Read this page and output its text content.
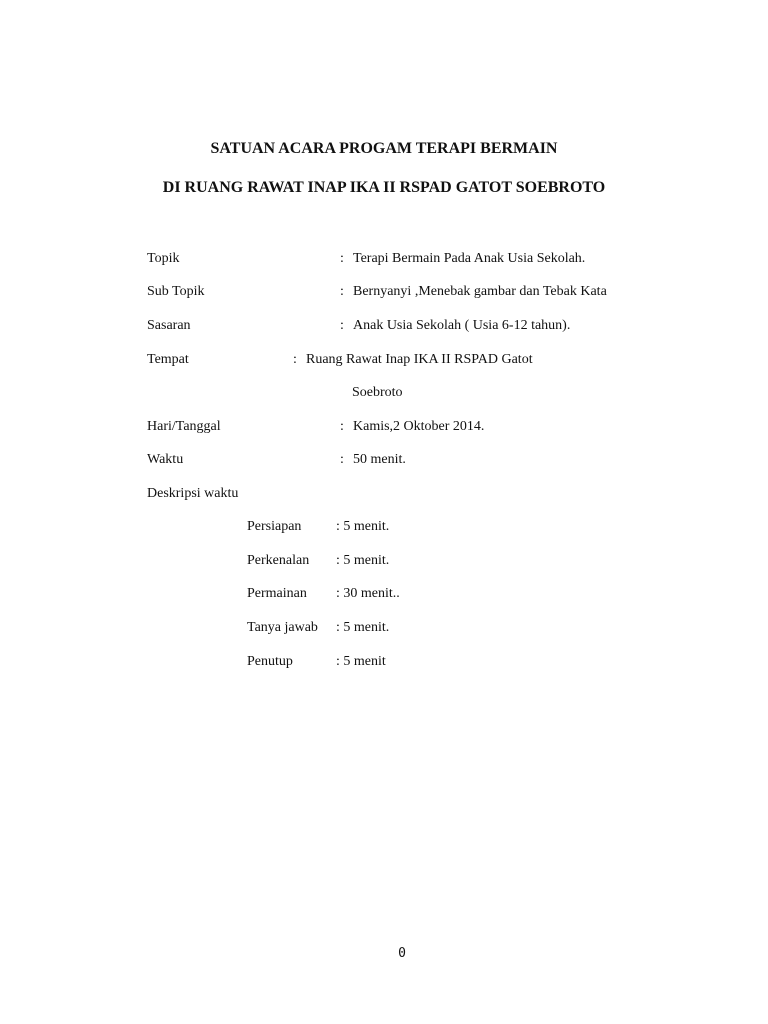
SATUAN ACARA PROGAM TERAPI BERMAIN
DI RUANG RAWAT INAP IKA II RSPAD GATOT SOEBROTO
Topik	: Terapi Bermain Pada Anak Usia Sekolah.
Sub Topik	: Bernyanyi ,Menebak gambar dan Tebak Kata
Sasaran	: Anak Usia Sekolah ( Usia 6-12 tahun).
Tempat	: Ruang Rawat Inap IKA II RSPAD Gatot
Soebroto
Hari/Tanggal	: Kamis,2 Oktober 2014.
Waktu	: 50 menit.
Deskripsi waktu
Persiapan : 5 menit.
Perkenalan : 5 menit.
Permainan : 30 menit..
Tanya jawab : 5 menit.
Penutup	: 5 menit
0
